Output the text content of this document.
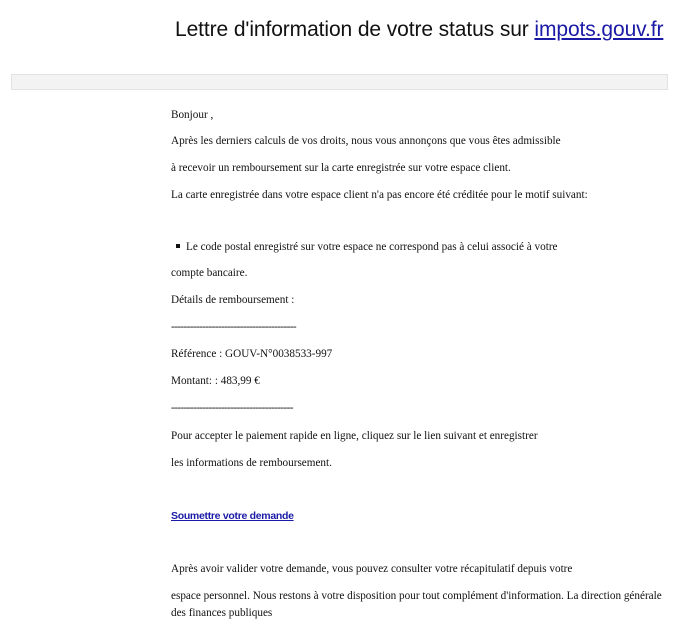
Lettre d'information de votre status sur impots.gouv.fr
Bonjour ,
Après les derniers calculs de vos droits, nous vous annonçons que vous êtes admissible
à recevoir un remboursement sur la carte enregistrée sur votre espace client.
La carte enregistrée dans votre espace client n'a pas encore été créditée pour le motif suivant:
Le code postal enregistré sur votre espace ne correspond pas à celui associé à votre
compte bancaire.
Détails de remboursement :
----------------------------------------
Référence : GOUV-N°0038533-997
Montant: : 483,99 €
---------------------------------------
Pour accepter le paiement rapide en ligne, cliquez sur le lien suivant et enregistrer
les informations de remboursement.
Soumettre votre demande
Après avoir valider votre demande, vous pouvez consulter votre récapitulatif depuis votre
espace personnel. Nous restons à votre disposition pour tout complément d'information. La direction générale
des finances publiques
